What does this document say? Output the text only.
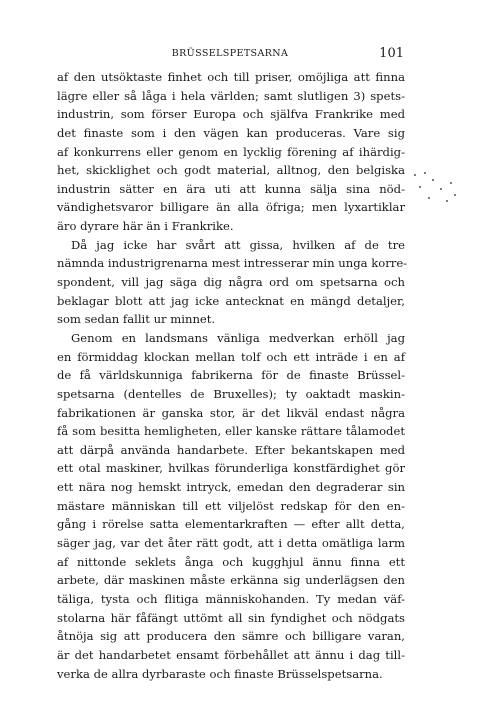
BRÜSSELSPETSARNA	101
af den utsöktaste finhet och till priser, omöjliga att finna
lägre eller så låga i hela världen; samt slutligen 3) spets-
industrin, som förser Europa och själfva Frankrike med
det finaste som i den vägen kan produceras. Vare sig
af konkurrens eller genom en lycklig förening af ihärdig-
het, skicklighet och godt material, alltnog, den belgiska
industrin sätter en ära uti att kunna sälja sina nöd-
vändighetsvaror billigare än alla öfriga; men lyxartiklar
äro dyrare här än i Frankrike.
Då jag icke har svårt att gissa, hvilken af de tre
nämnda industrigrenarna mest intresserar min unga korre-
spondent, vill jag säga dig några ord om spetsarna och
beklagar blott att jag icke antecknat en mängd detaljer,
som sedan fallit ur minnet.
Genom en landsmans vänliga medverkan erhöll jag
en förmiddag klockan mellan tolf och ett inträde i en af
de få världskunniga fabrikerna för de finaste Brüssel-
spetsarna (dentelles de Bruxelles); ty oaktadt maskin-
fabrikationen är ganska stor, är det likväl endast några
få som besitta hemligheten, eller kanske rättare tålamodet
att därpå använda handarbete. Efter bekantskapen med
ett otal maskiner, hvilkas förunderliga konstfärdighet gör
ett nära nog hemskt intryck, emedan den degraderar sin
mästare människan till ett viljelöst redskap för den en-
gång i rörelse satta elementarkraften — efter allt detta,
säger jag, var det åter rätt godt, att i detta omätliga larm
af nittonde seklets ånga och kugghjul ännu finna ett
arbete, där maskinen måste erkänna sig underlägsen den
täliga, tysta och flitiga människohanden. Ty medan väf-
stolarna här fåfängt uttömt all sin fyndighet och nödgats
åtnöja sig att producera den sämre och billigare varan,
är det handarbetet ensamt förbehållet att ännu i dag till-
verka de allra dyrbaraste och finaste Brüsselspetsarna.
